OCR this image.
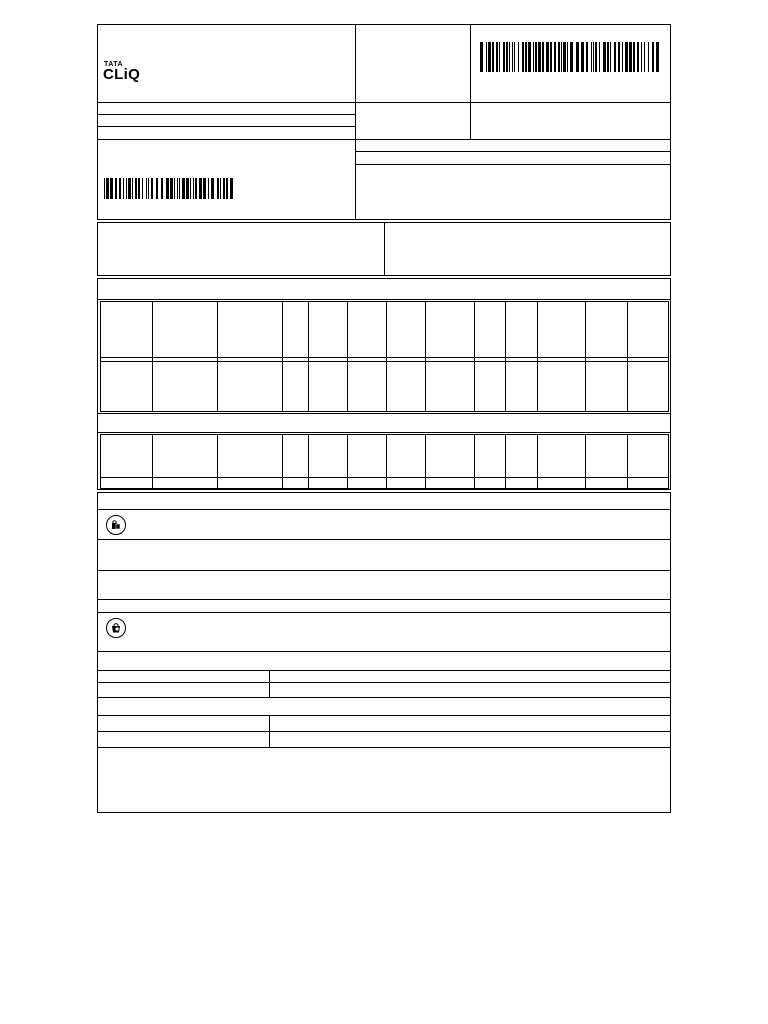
TATA
CLiQ
